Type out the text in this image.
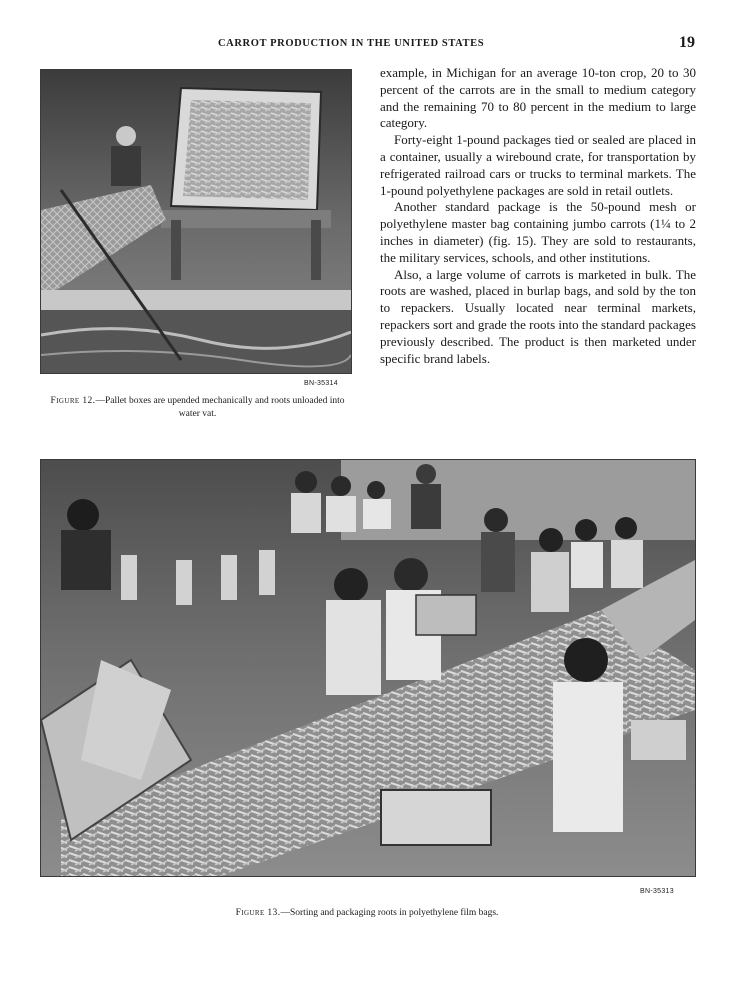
CARROT PRODUCTION IN THE UNITED STATES	19
BN-35314
Figure 12.—Pallet boxes are upended mechanically and roots unloaded into water vat.

example, in Michigan for an average 10-ton crop, 20 to 30 percent of the carrots are in the small to medium category and the remaining 70 to 80 percent in the medium to large category.

Forty-eight 1-pound packages tied or sealed are placed in a container, usually a wirebound crate, for transportation by refrigerated railroad cars or trucks to terminal markets. The 1-pound polyethylene packages are sold in retail outlets.

Another standard package is the 50-pound mesh or polyethylene master bag containing jumbo carrots (1¼ to 2 inches in diameter) (fig. 15). They are sold to restaurants, the military services, schools, and other institutions.

Also, a large volume of carrots is marketed in bulk. The roots are washed, placed in burlap bags, and sold by the ton to repackers. Usually located near terminal markets, repackers sort and grade the roots into the standard packages previously described. The product is then marketed under specific brand labels.

BN-35313
Figure 13.—Sorting and packaging roots in polyethylene film bags.
